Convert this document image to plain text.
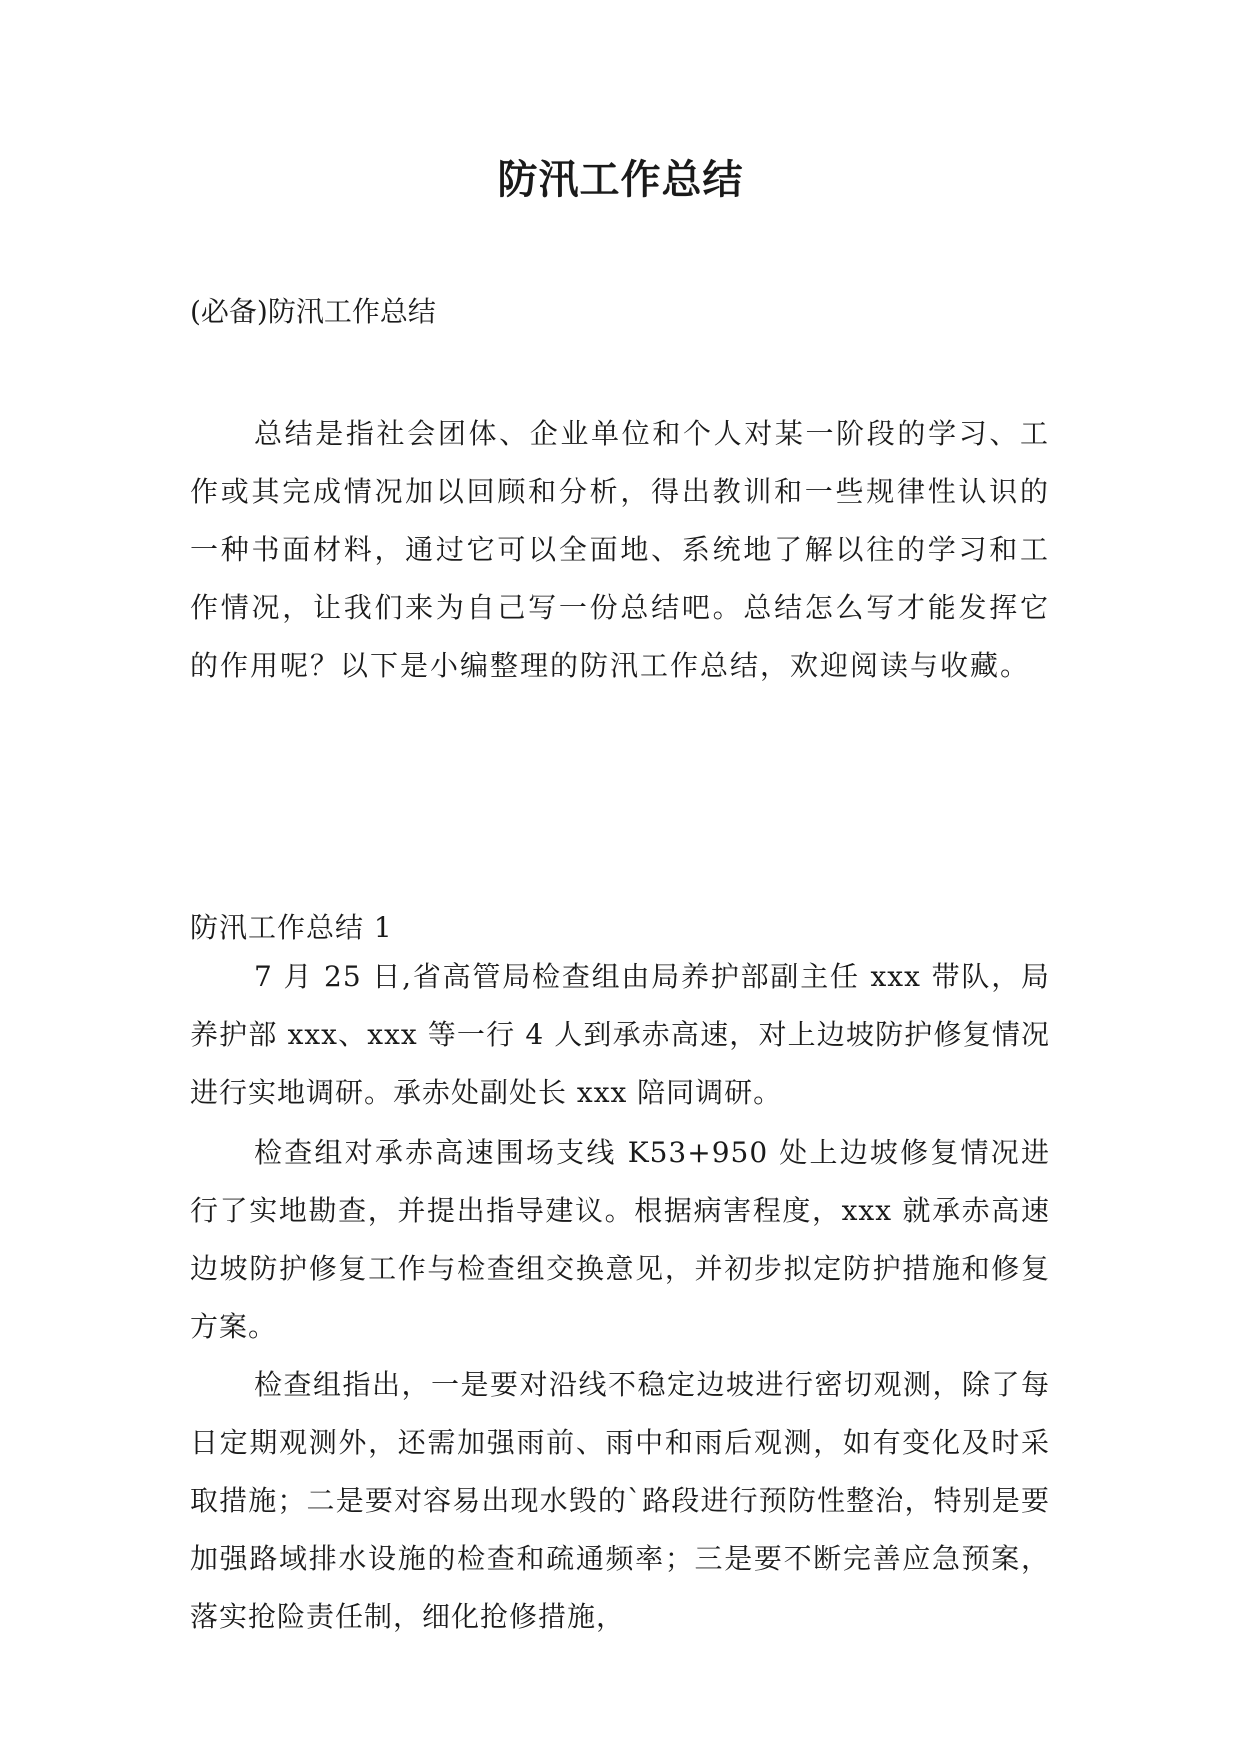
防汛工作总结

(必备)防汛工作总结

总结是指社会团体、企业单位和个人对某一阶段的学习、工作或其完成情况加以回顾和分析，得出教训和一些规律性认识的一种书面材料，通过它可以全面地、系统地了解以往的学习和工作情况，让我们来为自己写一份总结吧。总结怎么写才能发挥它的作用呢？以下是小编整理的防汛工作总结，欢迎阅读与收藏。

防汛工作总结 1

7 月 25 日,省高管局检查组由局养护部副主任 xxx 带队，局养护部 xxx、xxx 等一行 4 人到承赤高速，对上边坡防护修复情况进行实地调研。承赤处副处长 xxx 陪同调研。

检查组对承赤高速围场支线 K53+950 处上边坡修复情况进行了实地勘查，并提出指导建议。根据病害程度，xxx 就承赤高速边坡防护修复工作与检查组交换意见，并初步拟定防护措施和修复方案。

检查组指出，一是要对沿线不稳定边坡进行密切观测，除了每日定期观测外，还需加强雨前、雨中和雨后观测，如有变化及时采取措施；二是要对容易出现水毁的`路段进行预防性整治，特别是要加强路域排水设施的检查和疏通频率；三是要不断完善应急预案，落实抢险责任制，细化抢修措施，
